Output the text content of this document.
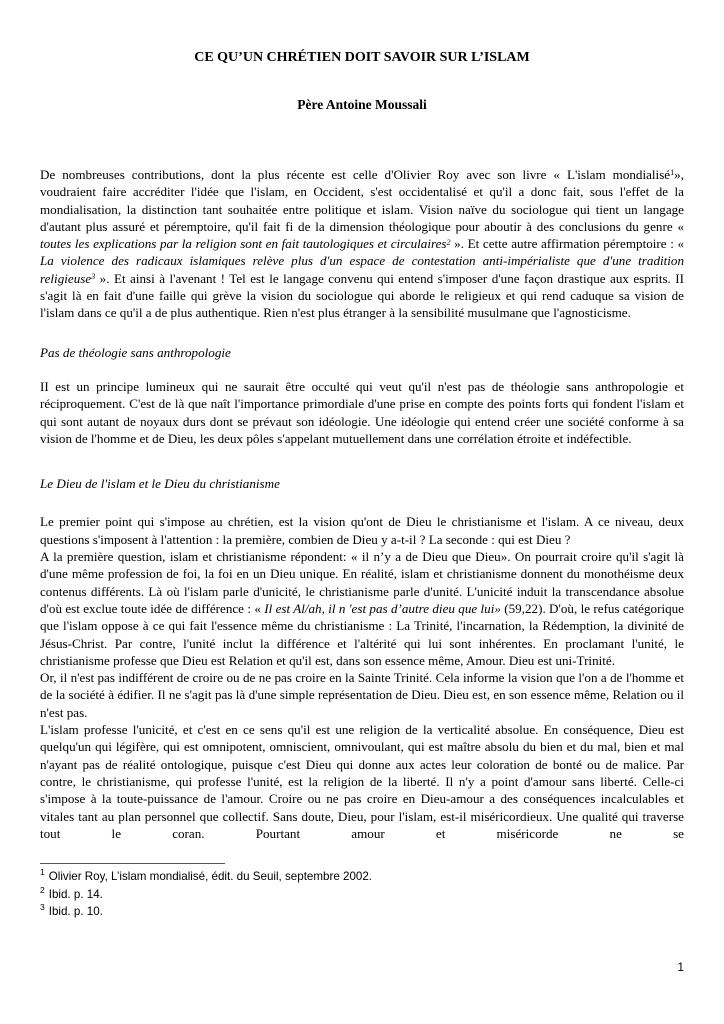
CE QU’UN CHRÉTIEN DOIT SAVOIR SUR L’ISLAM
Père Antoine Moussali

De nombreuses contributions, dont la plus récente est celle d'Olivier Roy avec son livre « L'islam mondialisé$^1$», voudraient faire accréditer l'idée que l'islam, en Occident, s'est occidentalisé et qu'il a donc fait, sous l'effet de la mondialisation, la distinction tant souhaitée entre politique et islam. Vision naïve du sociologue qui tient un langage d'autant plus assuré et péremptoire, qu'il fait fi de la dimension théologique pour aboutir à des conclusions du genre « toutes les explications par la religion sont en fait tautologiques et circulaires$^2$ ». Et cette autre affirmation péremptoire : « La violence des radicaux islamiques relève plus d'un espace de contestation anti-impérialiste que d'une tradition religieuse$^3$ ». Et ainsi à l'avenant ! Tel est le langage convenu qui entend s'imposer d'une façon drastique aux esprits. II s'agit là en fait d'une faille qui grève la vision du sociologue qui aborde le religieux et qui rend caduque sa vision de l'islam dans ce qu'il a de plus authentique. Rien n'est plus étranger à la sensibilité musulmane que l'agnosticisme.

Pas de théologie sans anthropologie

II est un principe lumineux qui ne saurait être occulté qui veut qu'il n'est pas de théologie sans anthropologie et réciproquement. C'est de là que naît l'importance primordiale d'une prise en compte des points forts qui fondent l'islam et qui sont autant de noyaux durs dont se prévaut son idéologie. Une idéologie qui entend créer une société conforme à sa vision de l'homme et de Dieu, les deux pôles s'appelant mutuellement dans une corrélation étroite et indéfectible.

Le Dieu de l'islam et le Dieu du christianisme

Le premier point qui s'impose au chrétien, est la vision qu'ont de Dieu le christianisme et l'islam. A ce niveau, deux questions s'imposent à l'attention : la première, combien de Dieu y a-t-il ? La seconde : qui est Dieu ?

A la première question, islam et christianisme répondent: « il n’y a de Dieu que Dieu». On pourrait croire qu'il s'agit là d'une même profession de foi, la foi en un Dieu unique. En réalité, islam et christianisme donnent du monothéisme deux contenus différents. Là où l'islam parle d'unicité, le christianisme parle d'unité. L'unicité induit la transcendance absolue d'où est exclue toute idée de différence : « Il est Al/ah, il n 'est pas d’autre dieu que lui» (59,22). D'où, le refus catégorique que l'islam oppose à ce qui fait l'essence même du christianisme : La Trinité, l'incarnation, la Rédemption, la divinité de Jésus-Christ. Par contre, l'unité inclut la différence et l'altérité qui lui sont inhérentes. En proclamant l'unité, le christianisme professe que Dieu est Relation et qu'il est, dans son essence même, Amour. Dieu est uni-Trinité.

Or, il n'est pas indifférent de croire ou de ne pas croire en la Sainte Trinité. Cela informe la vision que l'on a de l'homme et de la société à édifier. Il ne s'agit pas là d'une simple représentation de Dieu. Dieu est, en son essence même, Relation ou il n'est pas.

L'islam professe l'unicité, et c'est en ce sens qu'il est une religion de la verticalité absolue. En conséquence, Dieu est quelqu'un qui légifère, qui est omnipotent, omniscient, omnivoulant, qui est maître absolu du bien et du mal, bien et mal n'ayant pas de réalité ontologique, puisque c'est Dieu qui donne aux actes leur coloration de bonté ou de malice. Par contre, le christianisme, qui professe l'unité, est la religion de la liberté. Il n'y a point d'amour sans liberté. Celle-ci s'impose à la toute-puissance de l'amour. Croire ou ne pas croire en Dieu-amour a des conséquences incalculables et vitales tant au plan personnel que collectif. Sans doute, Dieu, pour l'islam, est-il miséricordieux. Une qualité qui traverse tout le coran. Pourtant amour et miséricorde ne se

$^1$ Olivier Roy, L’islam mondialisé, édit. du Seuil, septembre 2002.
$^2$ Ibid. p. 14.
$^3$ Ibid. p. 10.
1
